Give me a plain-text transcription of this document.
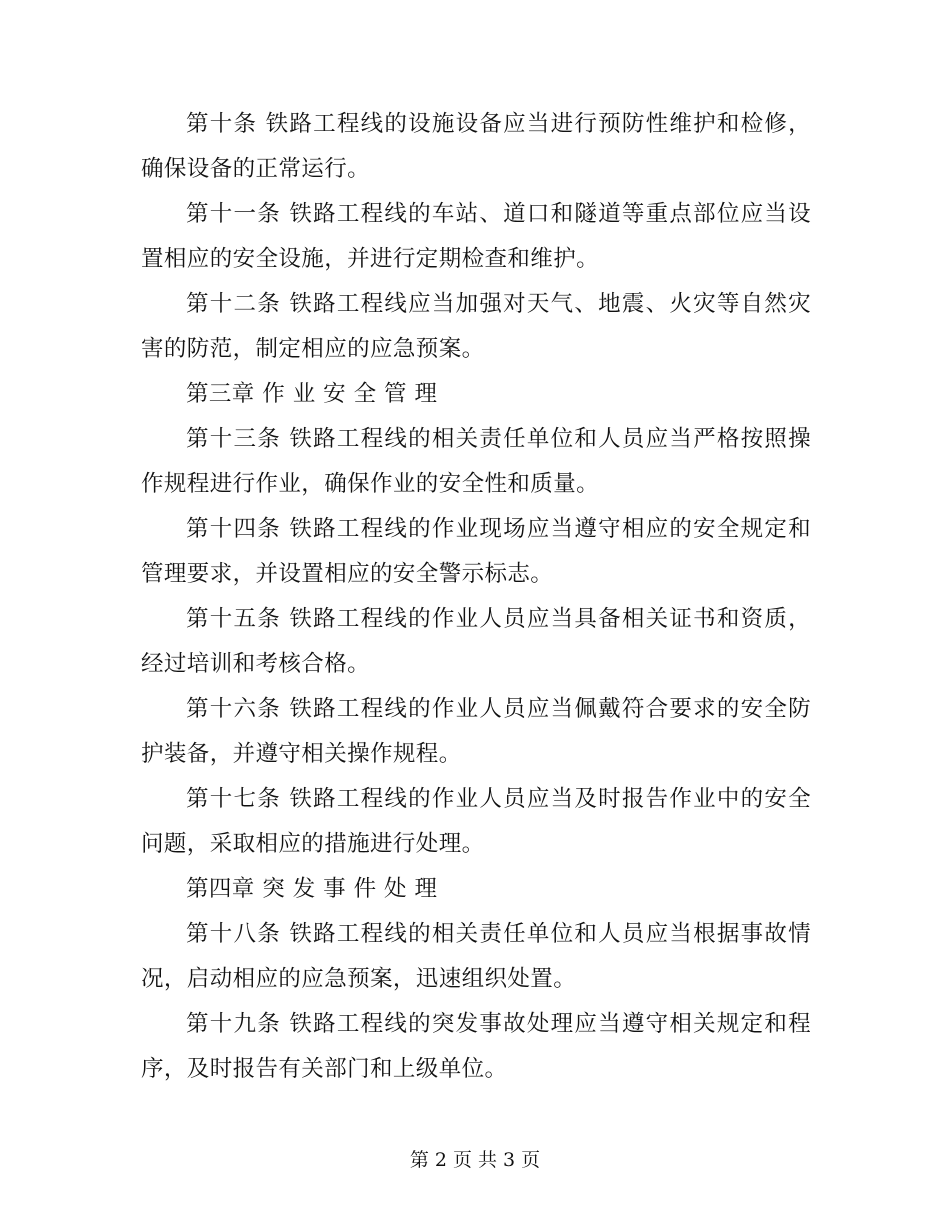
第十条 铁路工程线的设施设备应当进行预防性维护和检修，确保设备的正常运行。

第十一条 铁路工程线的车站、道口和隧道等重点部位应当设置相应的安全设施，并进行定期检查和维护。

第十二条 铁路工程线应当加强对天气、地震、火灾等自然灾害的防范，制定相应的应急预案。

第三章 作 业 安 全 管 理

第十三条 铁路工程线的相关责任单位和人员应当严格按照操作规程进行作业，确保作业的安全性和质量。

第十四条 铁路工程线的作业现场应当遵守相应的安全规定和管理要求，并设置相应的安全警示标志。

第十五条 铁路工程线的作业人员应当具备相关证书和资质，经过培训和考核合格。

第十六条 铁路工程线的作业人员应当佩戴符合要求的安全防护装备，并遵守相关操作规程。

第十七条 铁路工程线的作业人员应当及时报告作业中的安全问题，采取相应的措施进行处理。

第四章 突 发 事 件 处 理

第十八条 铁路工程线的相关责任单位和人员应当根据事故情况，启动相应的应急预案，迅速组织处置。

第十九条 铁路工程线的突发事故处理应当遵守相关规定和程序，及时报告有关部门和上级单位。

第 2 页 共 3 页
